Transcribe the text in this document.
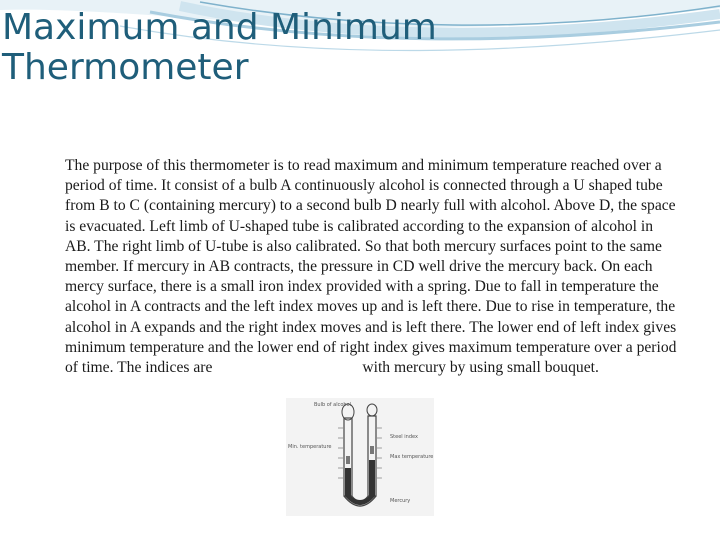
Maximum and Minimum
Thermometer

The purpose of this thermometer is to read maximum and minimum temperature reached over a period of time. It consist of a bulb A continuously alcohol is connected through a U shaped tube from B to C (containing mercury) to a second bulb D nearly full with alcohol. Above D, the space is evacuated. Left limb of U-shaped tube is calibrated according to the expansion of alcohol in AB. The right limb of U-tube is also calibrated. So that both mercury surfaces point to the same member. If mercury in AB contracts, the pressure in CD well drive the mercury back. On each mercy surface, there is a small iron index provided with a spring. Due to fall in temperature the alcohol in A contracts and the left index moves up and is left there. Due to rise in temperature, the alcohol in A expands and the right index moves and is left there. The lower end of left index gives minimum temperature and the lower end of right index gives maximum temperature over a period of time. The indices are	with mercury by using small bouquet.

Bulb of alcohol
Steel index
Min. temperature
Max temperature
Mercury
